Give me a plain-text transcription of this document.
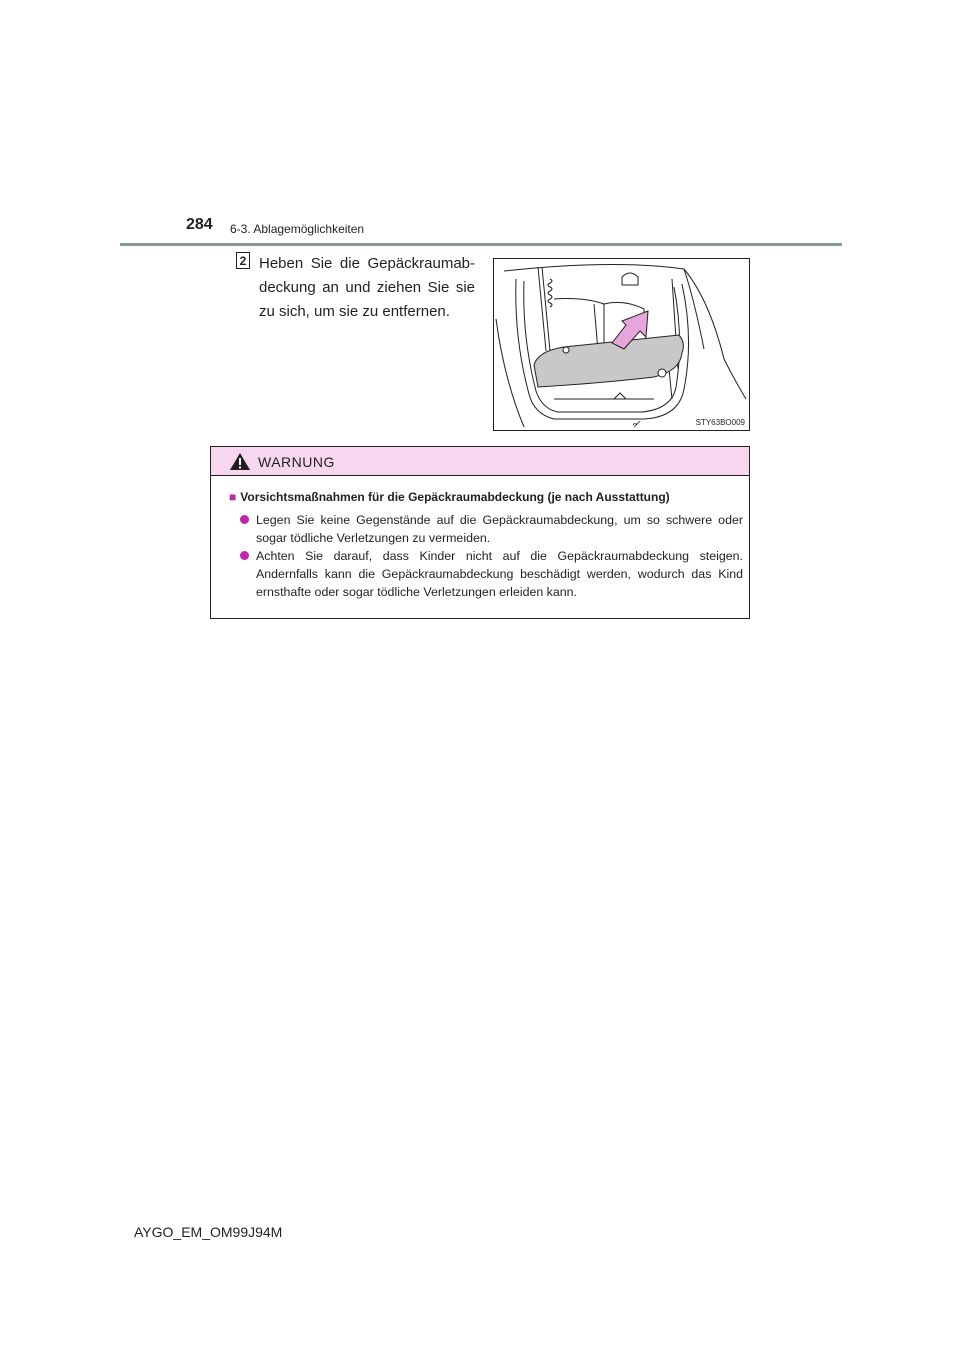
284 6-3. Ablagemöglichkeiten
2 Heben Sie die Gepäckraumab-deckung an und ziehen Sie sie zu sich, um sie zu entfernen.
STY63BO009
WARNUNG
■ Vorsichtsmaßnahmen für die Gepäckraumabdeckung (je nach Ausstattung)
Legen Sie keine Gegenstände auf die Gepäckraumabdeckung, um so schwere oder sogar tödliche Verletzungen zu vermeiden.
Achten Sie darauf, dass Kinder nicht auf die Gepäckraumabdeckung steigen. Andernfalls kann die Gepäckraumabdeckung beschädigt werden, wodurch das Kind ernsthafte oder sogar tödliche Verletzungen erleiden kann.
AYGO_EM_OM99J94M
